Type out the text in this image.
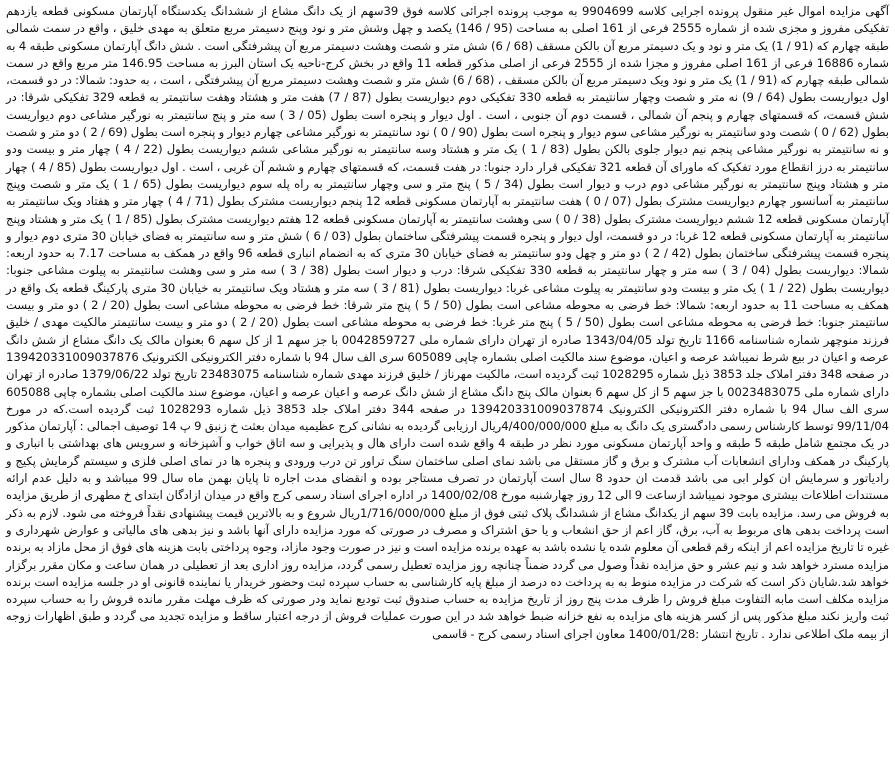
آگهی مزایده اموال غیر منقول پرونده اجرایی کلاسه 9904699 به موجب پرونده اجرائی کلاسه فوق 39سهم از یک دانگ مشاع از ششدانگ یکدستگاه آپارتمان مسکونی قطعه یازدهم تفکیکی مفروز و مجزی شده از شماره 2555 فرعی از 161 اصلی به مساحت (95 / 146) یکصد و چهل وشش متر و نود وپنج دسیمتر مربع متعلق به مهدی خلیق ، واقع در سمت شمالی طبقه چهارم که (91 / 1) یک متر و نود و یک دسیمتر مربع آن بالکن مسقف (68 / 6) شش متر و شصت وهشت دسیمتر مربع آن پیشرفتگی است . شش دانگ آپارتمان مسکونی طبقه 4 به شماره 16886 فرعی از 161 اصلی مفروز و مجزا شده از 2555 فرعی از اصلی مذکور قطعه 11 واقع در بخش کرج-ناحیه یک استان البرز به مساحت 146.95 متر مربع واقع در سمت شمالی طبقه چهارم که (91 / 1) یک متر و نود ویک دسیمتر مربع آن بالکن مسقف ، (68 / 6) شش متر و شصت وهشت دسیمتر مربع آن پیشرفتگی ، است ، به حدود: شمالا: در دو قسمت، اول دیواریست بطول (64 / 9) نه متر و شصت وچهار سانتیمتر به قطعه 330 تفکیکی دوم دیواریست بطول (87 / 7) هفت متر و هشتاد وهفت سانتیمتر به قطعه 329 تفکیکی شرقا: در شش قسمت، که قسمتهای چهارم و پنجم آن شمالی ، قسمت دوم آن جنوبی ، است . اول دیوار و پنجره است بطول (05 / 3 ) سه متر و پنج سانتیمتر به نورگیر مشاعی دوم دیواریست بطول (62 / 0 ) شصت ودو سانتیمتر به نورگیر مشاعی سوم دیوار و پنجره است بطول (90 / 0 ) نود سانتیمتر به نورگیر مشاعی چهارم دیوار و پنجره است بطول (69 / 2 ) دو متر و شصت و نه سانتیمتر به نورگیر مشاعی پنجم نیم دیوار جلوی بالکن بطول (83 / 1 ) یک متر و هشتاد وسه سانتیمتر به نورگیر مشاعی ششم دیواریست بطول (22 / 4 ) چهار متر و بیست ودو سانتیمتر به درز انقطاع مورد تفکیک که ماورای آن قطعه 321 تفکیکی قرار دارد جنوبا: در هفت قسمت، که قسمتهای چهارم و ششم آن غربی ، است . اول دیواریست بطول (85 / 4 ) چهار متر و هشتاد وپنج سانتیمتر به نورگیر مشاعی دوم درب و دیوار است بطول (34 / 5 ) پنج متر و سی وچهار سانتیمتر به راه پله سوم دیواریست بطول (65 / 1 ) یک متر و شصت وپنج سانتیمتر به آسانسور چهارم دیواریست مشترک بطول (07 / 0 ) هفت سانتیمتر به آپارتمان مسکونی قطعه 12 پنجم دیواریست مشترک بطول (71 / 4 ) چهار متر و هفتاد ویک سانتیمتر به آپارتمان مسکونی قطعه 12 ششم دیواریست مشترک بطول (38 / 0 ) سی وهشت سانتیمتر به آپارتمان مسکونی قطعه 12 هفتم دیواریست مشترک بطول (85 / 1 ) یک متر و هشتاد وپنج سانتیمتر به آپارتمان مسکونی قطعه 12 غربا: در دو قسمت، اول دیوار و پنجره قسمت پیشرفتگی ساختمان بطول (03 / 6 ) شش متر و سه سانتیمتر به فضای خیابان 30 متری دوم دیوار و پنجره قسمت پیشرفتگی ساختمان بطول (42 / 2 ) دو متر و چهل ودو سانتیمتر به فضای خیابان 30 متری که به انضمام انباری قطعه 96 واقع در همکف به مساحت 7.17 به حدود اربعه: شمالا: دیواریست بطول (04 / 3 ) سه متر و چهار سانتیمتر به قطعه 330 تفکیکی شرقا: درب و دیوار است بطول (38 / 3 ) سه متر و سی وهشت سانتیمتر به پیلوت مشاعی جنوبا: دیواریست بطول (22 / 1 ) یک متر و بیست ودو سانتیمتر به پیلوت مشاعی غربا: دیواریست بطول (81 / 3 ) سه متر و هشتاد ویک سانتیمتر به خیابان 30 متری پارکینگ قطعه یک واقع در همکف به مساحت 11 به حدود اربعه: شمالا: خط فرضی به محوطه مشاعی است بطول (50 / 5 ) پنج متر شرقا: خط فرضی به محوطه مشاعی است بطول (20 / 2 ) دو متر و بیست سانتیمتر جنوبا: خط فرضی به محوطه مشاعی است بطول (50 / 5 ) پنج متر غربا: خط فرضی به محوطه مشاعی است بطول (20 / 2 ) دو متر و بیست سانتیمتر مالکیت مهدی / خلیق فرزند منوچهر شماره شناسنامه 1166 تاریخ تولد 1343/04/05 صادره از تهران دارای شماره ملی 0042859727 با جز سهم 1 از کل سهم 6 بعنوان مالک یک دانگ مشاع از شش دانگ عرصه و اعیان در بیع شرط نمیباشد عرصه و اعیان، موضوع سند مالکیت اصلی بشماره چاپی 605089 سری الف سال 94 با شماره دفتر الکترونیکی الکترونیک 139420331009037876 در صفحه 348 دفتر املاک جلد 3853 ذیل شماره 1028295 ثبت گردیده است، مالکیت مهرناز / خلیق فرزند مهدی شماره شناسنامه 23483075 تاریخ تولد 1379/06/22 صادره از تهران دارای شماره ملی 0023483075 با جز سهم 5 از کل سهم 6 بعنوان مالک پنج دانگ مشاع از شش دانگ عرصه و اعیان عرصه و اعیان، موضوع سند مالکیت اصلی بشماره چاپی 605088 سری الف سال 94 با شماره دفتر الکترونیکی الکترونیک 139420331009037874 در صفحه 344 دفتر املاک جلد 3853 ذیل شماره 1028293 ثبت گردیده است.که در مورخ 99/11/04 توسط کارشناس رسمی دادگستری یک دانگ به مبلغ 4/400/000/000ریال ارزیابی گردیده به نشانی کرج عظیمیه میدان بعثت خ زنبق 9 پ 14 توصیف اجمالی : آپارتمان مذکور در یک مجتمع شامل طبقه 5 طبقه و واحد آپارتمان مسکونی مورد نظر در طبقه 4 واقع شده است دارای هال و پذیرایی و سه اتاق خواب و آشپزخانه و سرویس های بهداشتی با انباری و پارکینگ در همکف ودارای انشعابات آب مشترک و برق و گاز مستقل می باشد نمای اصلی ساختمان سنگ تراور تن درب ورودی و پنجره ها در نمای اصلی فلزی و سیستم گرمایش پکیج و رادیاتور و سرمایش ان کولر ابی می باشد قدمت ان حدود 8 سال است آپارتمان در تصرف مستاجر بوده و انقضای مدت اجاره تا پایان بهمن ماه سال 99 میباشد و به دلیل عدم ارائه مستندات اطلاعات بیشتری موجود نمیباشد ازساعت 9 الی 12 روز چهارشنبه مورخ 1400/02/08 در اداره اجرای اسناد رسمی کرج واقع در میدان ازادگان ابتدای خ مطهری از طریق مزایده به فروش می رسد. مزایده بابت 39 سهم از یکدانگ مشاع از ششدانگ پلاک ثبتی فوق از مبلغ 1/716/000/000ریال شروع و به بالاترین قیمت پیشنهادی نقداً فروخته می شود. لازم به ذکر است پرداخت بدهی های مربوط به آب، برق، گاز اعم از حق انشعاب و یا حق اشتراک و مصرف در صورتی که مورد مزایده دارای آنها باشد و نیز بدهی های مالیاتی و عوارض شهرداری و غیره تا تاریخ مزایده اعم از اینکه رقم قطعی آن معلوم شده یا نشده باشد به عهده برنده مزایده است و نیز در صورت وجود مازاد، وجوه پرداختی بابت هزینه های فوق از محل مازاد به برنده مزایده مسترد خواهد شد و نیم عشر و حق مزایده نقداً وصول می گردد ضمناً چنانچه روز مزایده تعطیل رسمی گردد، مزایده روز اداری بعد از تعطیلی در همان ساعت و مکان مقرر برگزار خواهد شد.شایان ذکر است که شرکت در مزایده منوط به به پرداخت ده درصد از مبلغ پایه کارشناسی به حساب سپرده ثبت وحضور خریدار یا نماینده قانونی او در جلسه مزایده است برنده مزایده مکلف است مابه التفاوت مبلغ فروش را ظرف مدت پنج روز از تاریخ مزایده به حساب صندوق ثبت تودیع نماید ودر صورتی که ظرف مهلت مقرر مانده فروش را به حساب سپرده ثبت واریز نکند مبلغ مذکور پس از کسر هزینه های مزایده به نفع خزانه ضبط خواهد شد در این صورت عملیات فروش از درجه اعتبار ساقط و مزایده تجدید می گردد و طبق اظهارات زوجه از بیمه ملک اطلاعی ندارد . تاریخ انتشار :1400/01/28 معاون اجرای اسناد رسمی کرج - قاسمی
